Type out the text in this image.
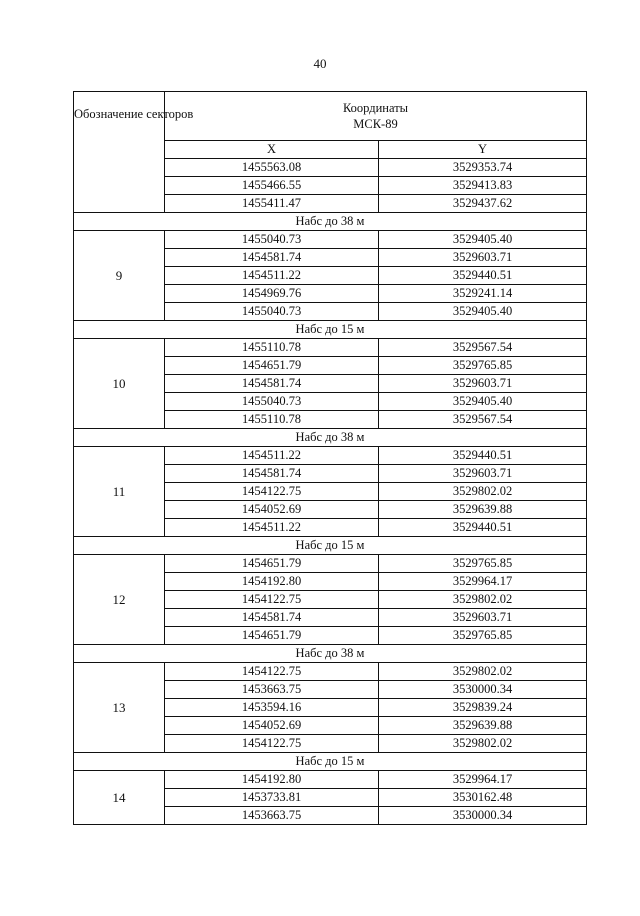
40
Обозначение секторов	Координаты
МСК-89	

	X	Y
	1455563.08	3529353.74
	1455466.55	3529413.83
	1455411.47	3529437.62
Набс до 38 м		
9	1455040.73	3529405.40
	1454581.74	3529603.71
	1454511.22	3529440.51
	1454969.76	3529241.14
	1455040.73	3529405.40
Набс до 15 м		
10	1455110.78	3529567.54
	1454651.79	3529765.85
	1454581.74	3529603.71
	1455040.73	3529405.40
	1455110.78	3529567.54
Набс до 38 м		
11	1454511.22	3529440.51
	1454581.74	3529603.71
	1454122.75	3529802.02
	1454052.69	3529639.88
	1454511.22	3529440.51
Набс до 15 м		
12	1454651.79	3529765.85
	1454192.80	3529964.17
	1454122.75	3529802.02
	1454581.74	3529603.71
	1454651.79	3529765.85
Набс до 38 м		
13	1454122.75	3529802.02
	1453663.75	3530000.34
	1453594.16	3529839.24
	1454052.69	3529639.88
	1454122.75	3529802.02
Набс до 15 м		
14	1454192.80	3529964.17
	1453733.81	3530162.48
	1453663.75	3530000.34
